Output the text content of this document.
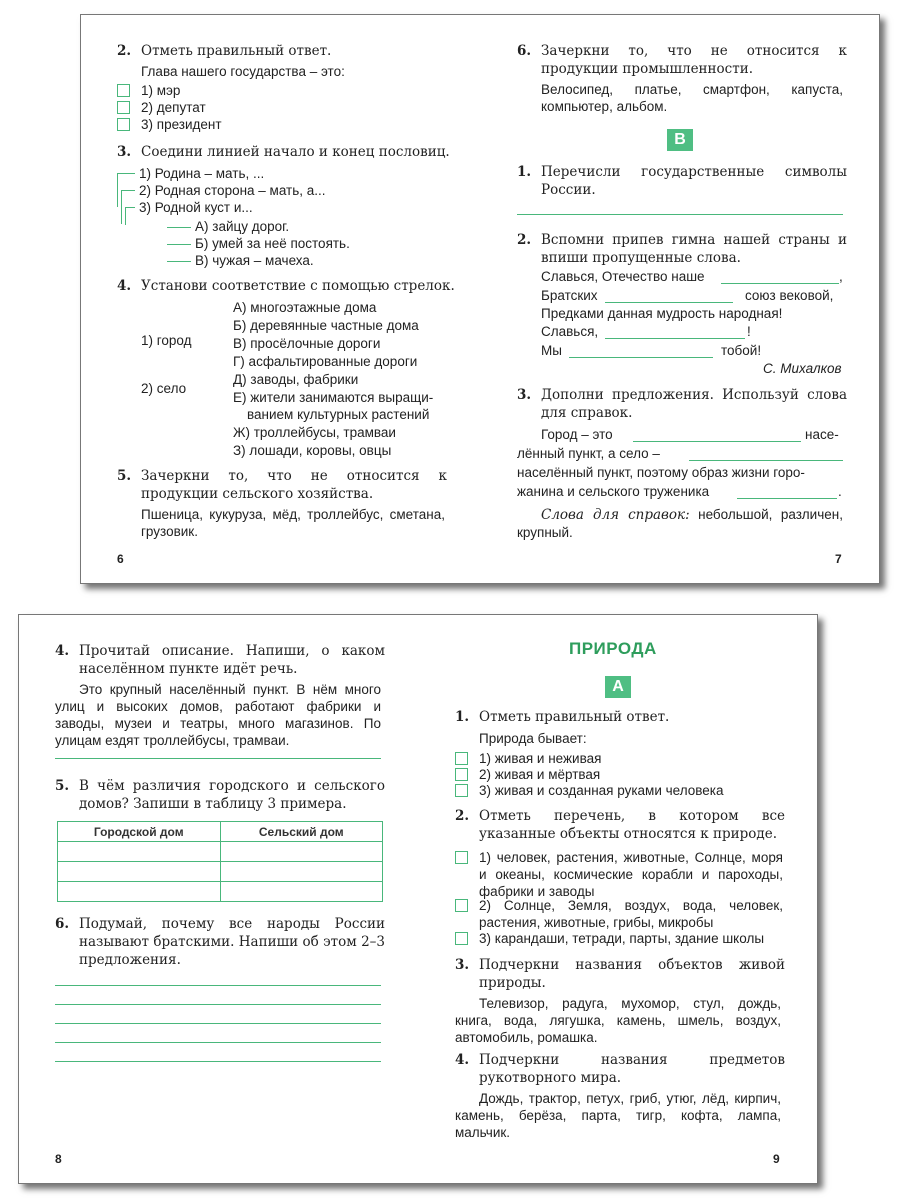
2. Отметь правильный ответ.
Глава нашего государства – это:
1) мэр
2) депутат
3) президент
3. Соедини линией начало и конец пословиц.
1) Родина – мать, ...
2) Родная сторона – мать, а...
3) Родной куст и...
А) зайцу дорог.
Б) умей за неё постоять.
В) чужая – мачеха.
4. Установи соответствие с помощью стрелок.
1) город
2) село
А) многоэтажные дома
Б) деревянные частные дома
В) просёлочные дороги
Г) асфальтированные дороги
Д) заводы, фабрики
Е) жители занимаются выращи-
ванием культурных растений
Ж) троллейбусы, трамваи
З) лошади, коровы, овцы
5. Зачеркни то, что не относится к продукции сельского хозяйства.
Пшеница, кукуруза, мёд, троллейбус, сметана, грузовик.
6
6. Зачеркни то, что не относится к продукции промышленности.
Велосипед, платье, смартфон, капуста, компьютер, альбом.
В
1. Перечисли государственные символы России.
2. Вспомни припев гимна нашей страны и впиши пропущенные слова.
Славься, Отечество наше	,
Братских	союз вековой,
Предками данная мудрость народная!
Славься,	!
Мы	тобой!
С. Михалков
3. Дополни предложения. Используй слова для справок.
Город – это	насе-
лённый пункт, а село –
населённый пункт, поэтому образ жизни горо-
жанина и сельского труженика	.
Слова для справок: небольшой, различен, крупный.
7
4. Прочитай описание. Напиши, о каком населённом пункте идёт речь.
Это крупный населённый пункт. В нём много улиц и высоких домов, работают фабрики и заводы, музеи и театры, много магазинов. По улицам ездят троллейбусы, трамваи.
5. В чём различия городского и сельского домов? Запиши в таблицу 3 примера.
Городской дом	Сельский дом

6. Подумай, почему все народы России называют братскими. Напиши об этом 2–3 предложения.
8
ПРИРОДА
А
1. Отметь правильный ответ.
Природа бывает:
1) живая и неживая
2) живая и мёртвая
3) живая и созданная руками человека
2. Отметь перечень, в котором все указанные объекты относятся к природе.
1) человек, растения, животные, Солнце, моря и океаны, космические корабли и пароходы, фабрики и заводы
2) Солнце, Земля, воздух, вода, человек, растения, животные, грибы, микробы
3) карандаши, тетради, парты, здание школы
3. Подчеркни названия объектов живой природы.
Телевизор, радуга, мухомор, стул, дождь, книга, вода, лягушка, камень, шмель, воздух, автомобиль, ромашка.
4. Подчеркни названия предметов рукотворного мира.
Дождь, трактор, петух, гриб, утюг, лёд, кирпич, камень, берёза, парта, тигр, кофта, лампа, мальчик.
9
